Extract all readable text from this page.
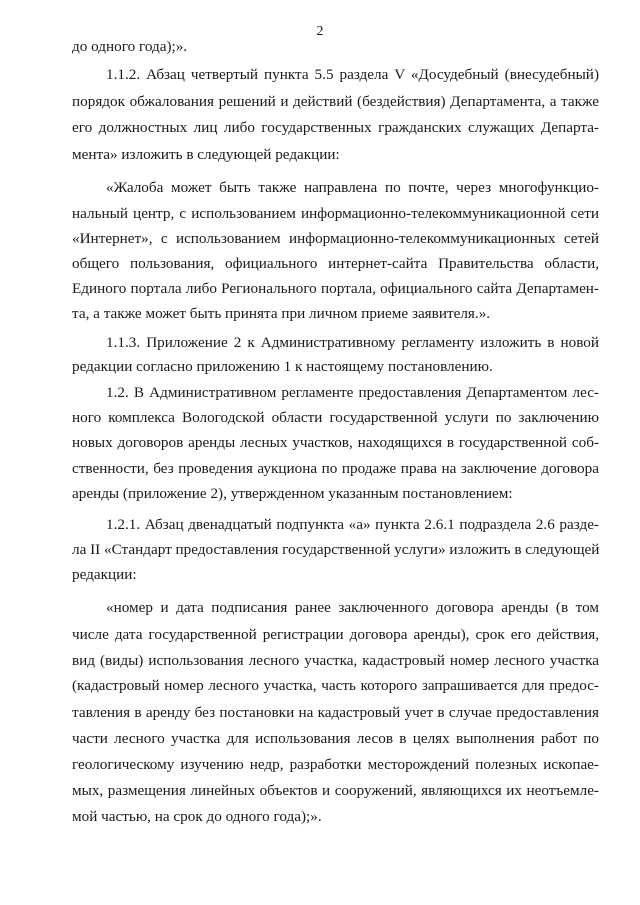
2
до одного года);».
1.1.2. Абзац четвертый пункта 5.5 раздела V «Досудебный (внесудебный)
порядок обжалования решений и действий (бездействия) Департамента, а также
его должностных лиц либо государственных гражданских служащих Департа-
мента» изложить в следующей редакции:
«Жалоба может быть также направлена по почте, через многофункцио-
нальный центр, с использованием информационно-телекоммуникационной сети
«Интернет», с использованием информационно-телекоммуникационных сетей
общего пользования, официального интернет-сайта Правительства области,
Единого портала либо Регионального портала, официального сайта Департамен-
та, а также может быть принята при личном приеме заявителя.».
1.1.3. Приложение 2 к Административному регламенту изложить в новой
редакции согласно приложению 1 к настоящему постановлению.
1.2. В Административном регламенте предоставления Департаментом лес-
ного комплекса Вологодской области государственной услуги по заключению
новых договоров аренды лесных участков, находящихся в государственной соб-
ственности, без проведения аукциона по продаже права на заключение договора
аренды (приложение 2), утвержденном указанным постановлением:
1.2.1. Абзац двенадцатый подпункта «а» пункта 2.6.1 подраздела 2.6 разде-
ла II «Стандарт предоставления государственной услуги» изложить в следующей
редакции:
«номер и дата подписания ранее заключенного договора аренды (в том
числе дата государственной регистрации договора аренды), срок его действия,
вид (виды) использования лесного участка, кадастровый номер лесного участка
(кадастровый номер лесного участка, часть которого запрашивается для предос-
тавления в аренду без постановки на кадастровый учет в случае предоставления
части лесного участка для использования лесов в целях выполнения работ по
геологическому изучению недр, разработки месторождений полезных ископае-
мых, размещения линейных объектов и сооружений, являющихся их неотъемле-
мой частью, на срок до одного года);».
